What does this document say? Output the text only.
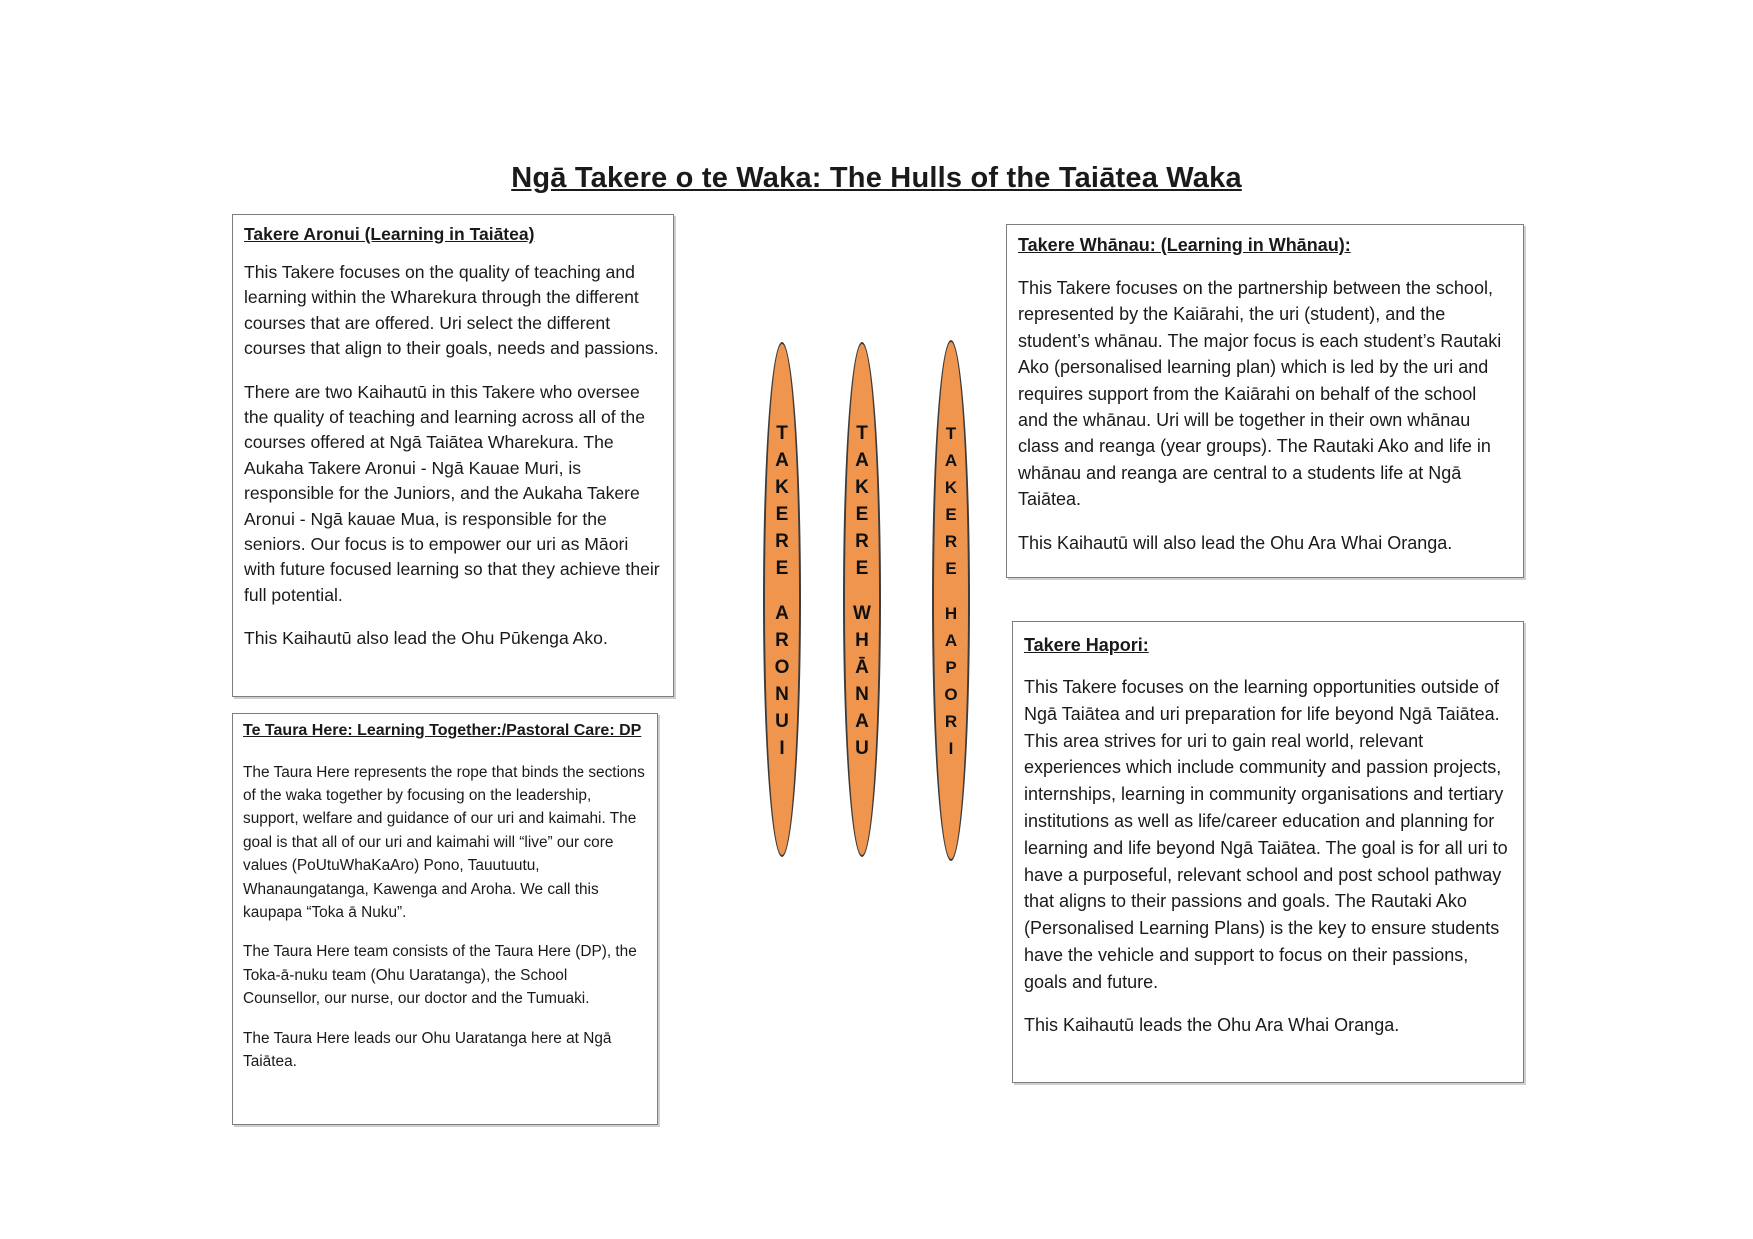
Ngā Takere o te Waka: The Hulls of the Taiātea Waka
Takere Aronui (Learning in Taiātea)

This Takere focuses on the quality of teaching and learning within the Wharekura through the different courses that are offered. Uri select the different courses that align to their goals, needs and passions.

There are two Kaihautū in this Takere who oversee the quality of teaching and learning across all of the courses offered at Ngā Taiātea Wharekura. The Aukaha Takere Aronui - Ngā Kauae Muri, is responsible for the Juniors, and the Aukaha Takere Aronui - Ngā kauae Mua, is responsible for the seniors. Our focus is to empower our uri as Māori with future focused learning so that they achieve their full potential.

This Kaihautū also lead the Ohu Pūkenga Ako.

Te Taura Here: Learning Together:/Pastoral Care: DP

The Taura Here represents the rope that binds the sections of the waka together by focusing on the leadership, support, welfare and guidance of our uri and kaimahi. The goal is that all of our uri and kaimahi will “live” our core values (PoUtuWhaKaAro) Pono, Tauutuutu, Whanaungatanga, Kawenga and Aroha. We call this kaupapa “Toka ā Nuku”.

The Taura Here team consists of the Taura Here (DP), the Toka-ā-nuku team (Ohu Uaratanga), the School Counsellor, our nurse, our doctor and the Tumuaki.

The Taura Here leads our Ohu Uaratanga here at Ngā Taiātea.

Takere Whānau: (Learning in Whānau):

This Takere focuses on the partnership between the school, represented by the Kaiārahi, the uri (student), and the student’s whānau. The major focus is each student’s Rautaki Ako (personalised learning plan) which is led by the uri and requires support from the Kaiārahi on behalf of the school and the whānau. Uri will be together in their own whānau class and reanga (year groups). The Rautaki Ako and life in whānau and reanga are central to a students life at Ngā Taiātea.

This Kaihautū will also lead the Ohu Ara Whai Oranga.

Takere Hapori:

This Takere focuses on the learning opportunities outside of Ngā Taiātea and uri preparation for life beyond Ngā Taiātea. This area strives for uri to gain real world, relevant experiences which include community and passion projects, internships, learning in community organisations and tertiary institutions as well as life/career education and planning for learning and life beyond Ngā Taiātea. The goal is for all uri to have a purposeful, relevant school and post school pathway that aligns to their passions and goals. The Rautaki Ako (Personalised Learning Plans) is the key to ensure students have the vehicle and support to focus on their passions, goals and future.

This Kaihautū leads the Ohu Ara Whai Oranga.

T
A
K
E
R
E
A
R
O
N
U
I
T
A
K
E
R
E
W
H
Ā
N
A
U
T
A
K
E
R
E
H
A
P
O
R
I
